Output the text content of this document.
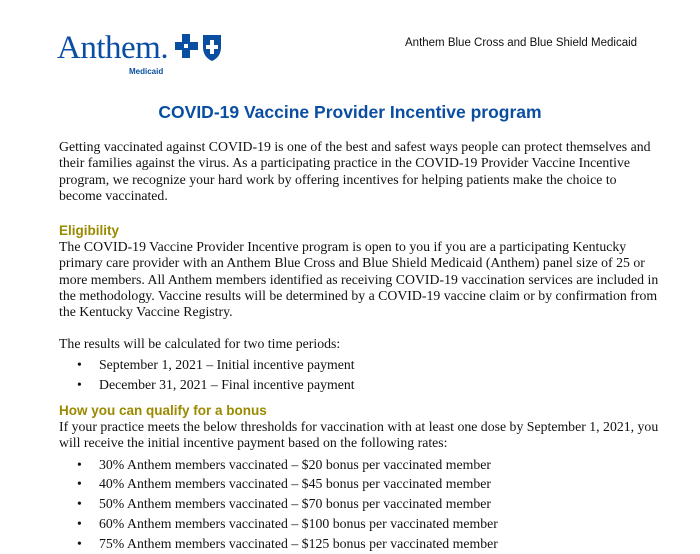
Anthem.
Medicaid
Anthem Blue Cross and Blue Shield Medicaid
COVID-19 Vaccine Provider Incentive program

Getting vaccinated against COVID-19 is one of the best and safest ways people can protect themselves and their families against the virus. As a participating practice in the COVID-19 Provider Vaccine Incentive program, we recognize your hard work by offering incentives for helping patients make the choice to become vaccinated.

Eligibility

The COVID-19 Vaccine Provider Incentive program is open to you if you are a participating Kentucky primary care provider with an Anthem Blue Cross and Blue Shield Medicaid (Anthem) panel size of 25 or more members. All Anthem members identified as receiving COVID-19 vaccination services are included in the methodology. Vaccine results will be determined by a COVID-19 vaccine claim or by confirmation from the Kentucky Vaccine Registry.

The results will be calculated for two time periods:

• September 1, 2021 – Initial incentive payment
• December 31, 2021 – Final incentive payment
How you can qualify for a bonus

If your practice meets the below thresholds for vaccination with at least one dose by September 1, 2021, you will receive the initial incentive payment based on the following rates:

• 30% Anthem members vaccinated – $20 bonus per vaccinated member
• 40% Anthem members vaccinated – $45 bonus per vaccinated member
• 50% Anthem members vaccinated – $70 bonus per vaccinated member
• 60% Anthem members vaccinated – $100 bonus per vaccinated member
• 75% Anthem members vaccinated – $125 bonus per vaccinated member
